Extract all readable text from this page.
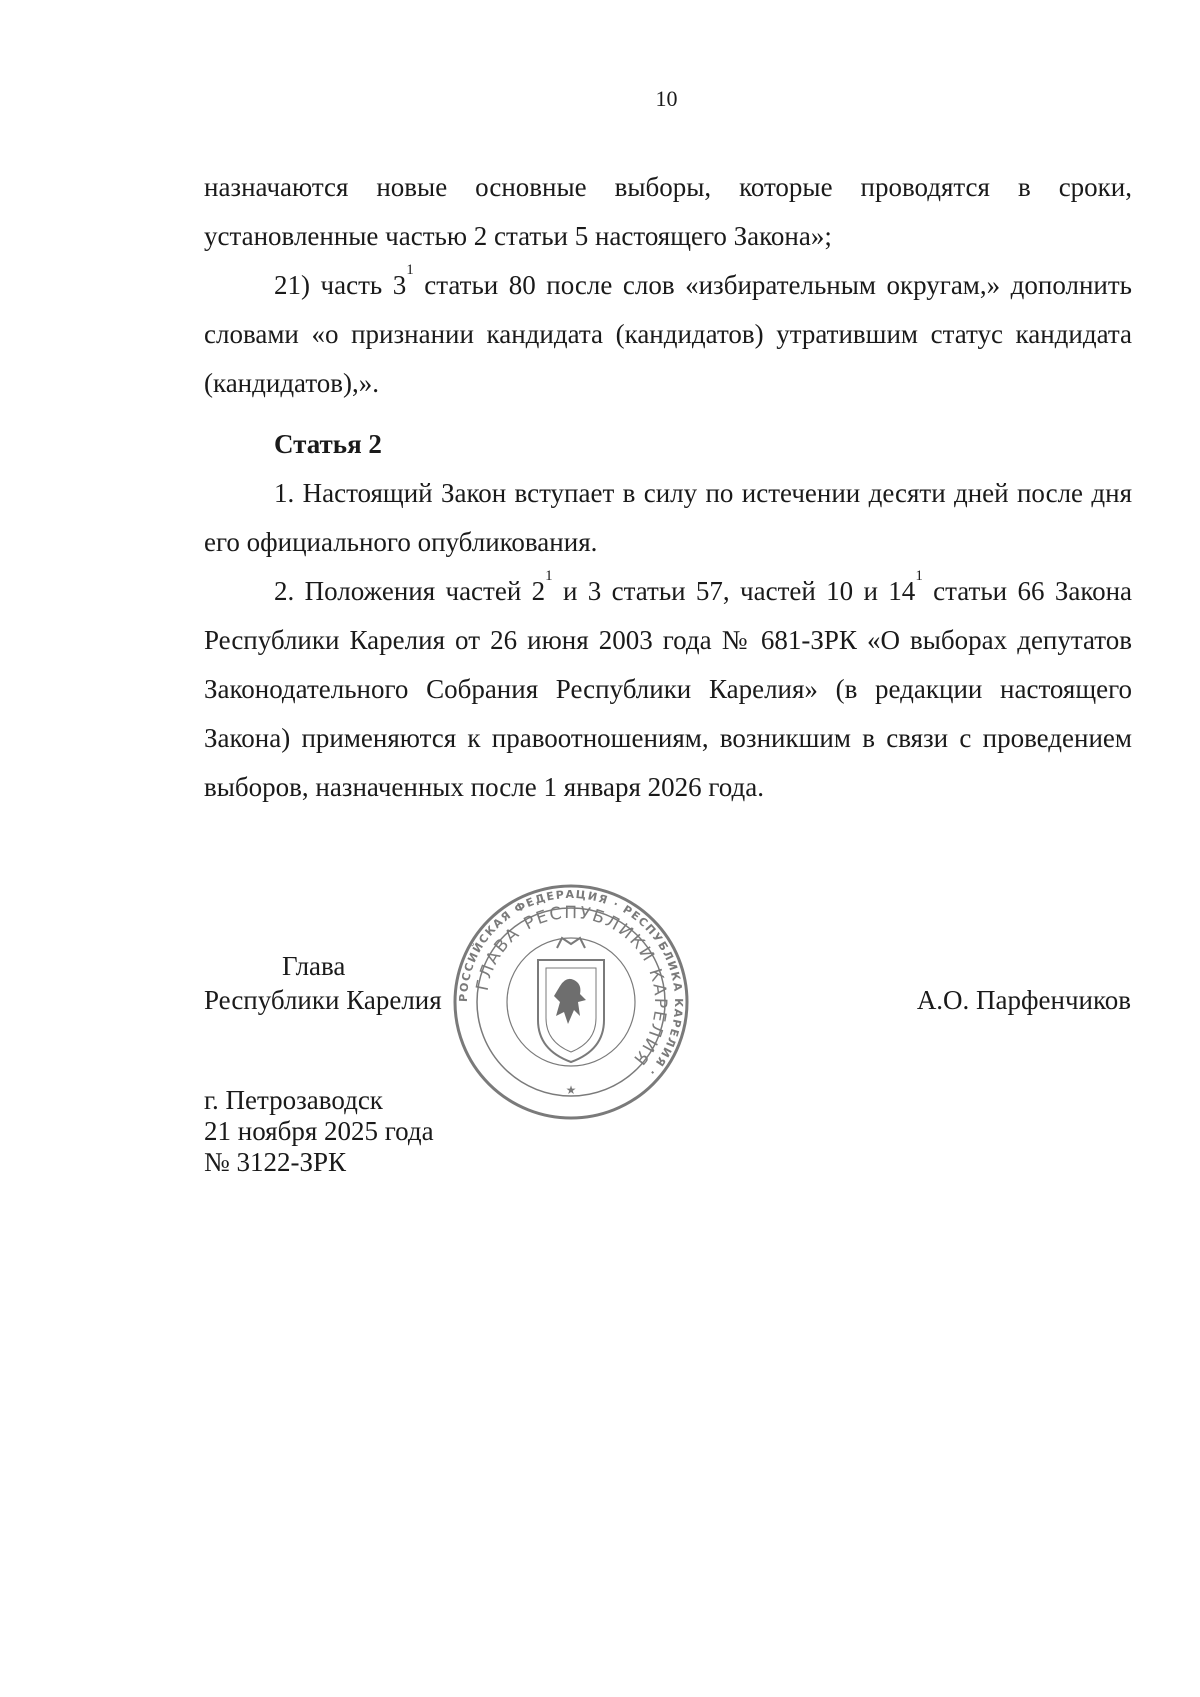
10

назначаются новые основные выборы, которые проводятся в сроки, установленные частью 2 статьи 5 настоящего Закона»;

21) часть $3^1$ статьи 80 после слов «избирательным округам,» дополнить словами «о признании кандидата (кандидатов) утратившим статус кандидата (кандидатов),».

Статья 2

1. Настоящий Закон вступает в силу по истечении десяти дней после дня его официального опубликования.

2. Положения частей $2^1$ и 3 статьи 57, частей 10 и $14^1$ статьи 66 Закона Республики Карелия от 26 июня 2003 года № 681-ЗРК «О выборах депутатов Законодательного Собрания Республики Карелия» (в редакции настоящего Закона) применяются к правоотношениям, возникшим в связи с проведением выборов, назначенных после 1 января 2026 года.

Глава
Республики Карелия	А.О. Парфенчиков
г. Петрозаводск
21 ноября 2025 года
№ 3122-ЗРК
РОССИЙСКАЯ ФЕДЕРАЦИЯ · РЕСПУБЛИКА КАРЕЛИЯ ·
ГЛАВА РЕСПУБЛИКИ КАРЕЛИЯ
★
